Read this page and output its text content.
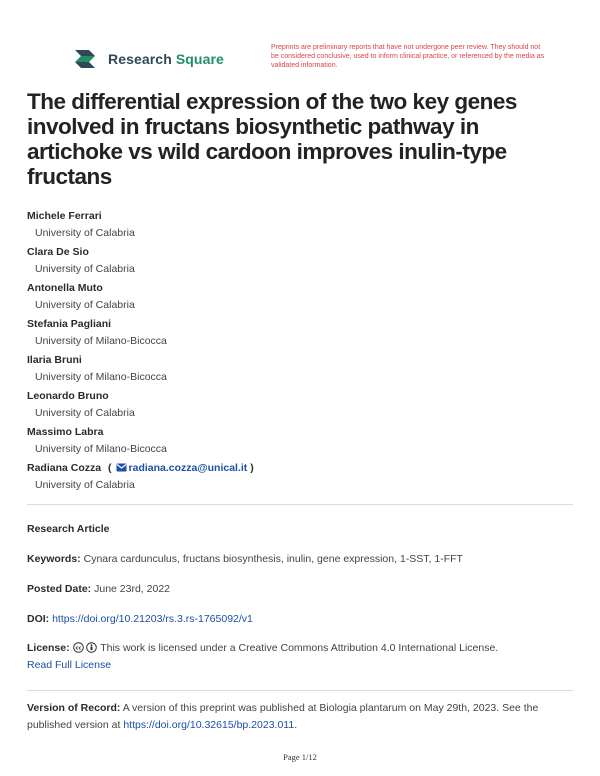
Research Square
Preprints are preliminary reports that have not undergone peer review. They should not be considered conclusive, used to inform clinical practice, or referenced by the media as validated information.
The differential expression of the two key genes involved in fructans biosynthetic pathway in artichoke vs wild cardoon improves inulin-type fructans
Michele Ferrari
University of Calabria
Clara De Sio
University of Calabria
Antonella Muto
University of Calabria
Stefania Pagliani
University of Milano-Bicocca
Ilaria Bruni
University of Milano-Bicocca
Leonardo Bruno
University of Calabria
Massimo Labra
University of Milano-Bicocca
Radiana Cozza ( radiana.cozza@unical.it )
University of Calabria
Research Article
Keywords: Cynara cardunculus, fructans biosynthesis, inulin, gene expression, 1-SST, 1-FFT
Posted Date: June 23rd, 2022
DOI: https://doi.org/10.21203/rs.3.rs-1765092/v1
License: cc This work is licensed under a Creative Commons Attribution 4.0 International License.
Read Full License
Version of Record: A version of this preprint was published at Biologia plantarum on May 29th, 2023. See the published version at https://doi.org/10.32615/bp.2023.011.
Page 1/12
